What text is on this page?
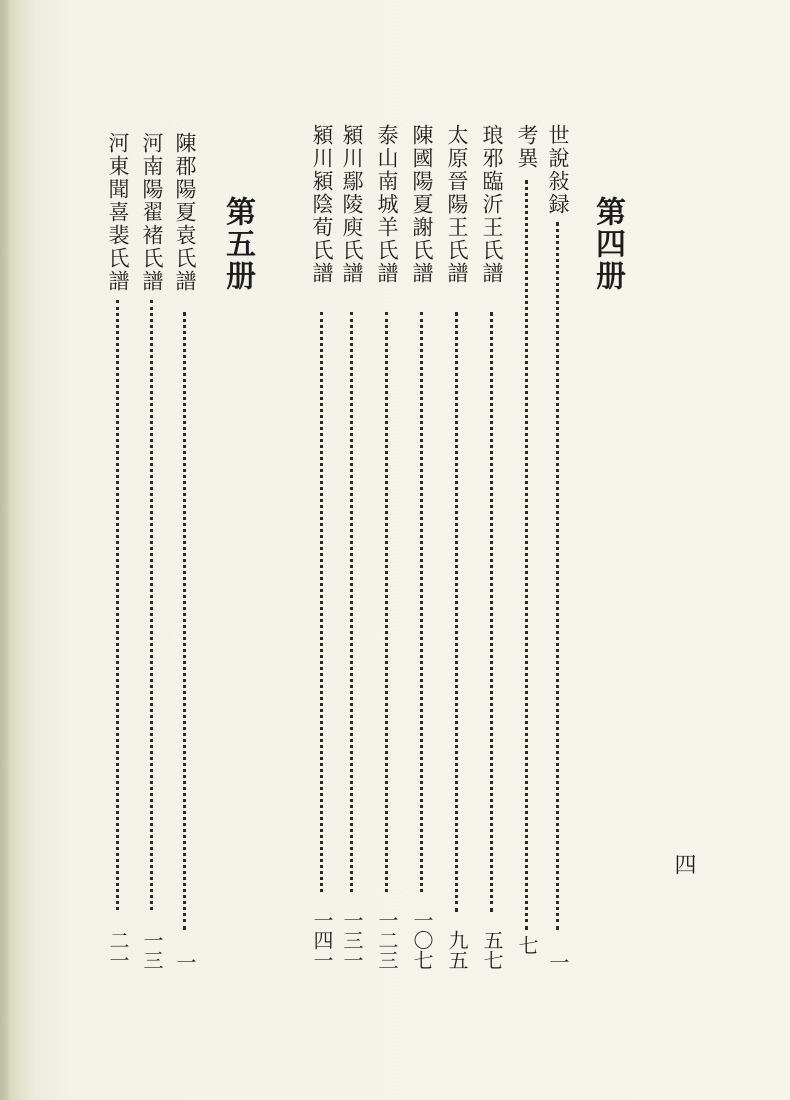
第四册
世說敍録
一
考異
七
琅邪臨沂王氏譜
五七
太原晉陽王氏譜
九五
陳國陽夏謝氏譜
一〇七
泰山南城羊氏譜
一二三
潁川鄢陵庾氏譜
一三一
潁川潁陰荀氏譜
一四一
第五册
陳郡陽夏袁氏譜
一
河南陽翟褚氏譜
一三
河東聞喜裴氏譜
二一
四
